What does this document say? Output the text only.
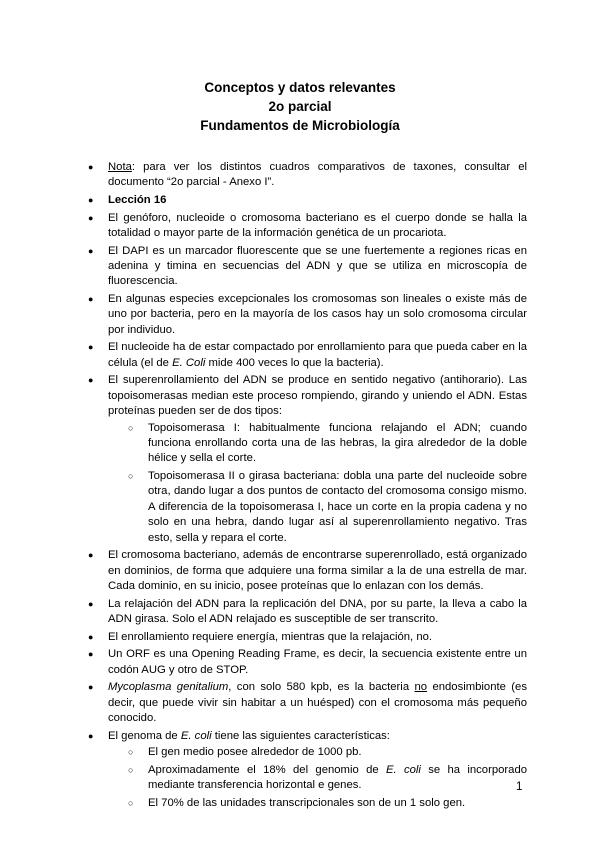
Conceptos y datos relevantes
2o parcial
Fundamentos de Microbiología
● Nota: para ver los distintos cuadros comparativos de taxones, consultar el documento “2o parcial - Anexo I”.
● Lección 16
● El genóforo, nucleoide o cromosoma bacteriano es el cuerpo donde se halla la totalidad o mayor parte de la información genética de un procariota.
● El DAPI es un marcador fluorescente que se une fuertemente a regiones ricas en adenina y timina en secuencias del ADN y que se utiliza en microscopía de fluorescencia.
● En algunas especies excepcionales los cromosomas son lineales o existe más de uno por bacteria, pero en la mayoría de los casos hay un solo cromosoma circular por individuo.
● El nucleoide ha de estar compactado por enrollamiento para que pueda caber en la célula (el de E. Coli mide 400 veces lo que la bacteria).
● El superenrollamiento del ADN se produce en sentido negativo (antihorario). Las topoisomerasas median este proceso rompiendo, girando y uniendo el ADN. Estas proteínas pueden ser de dos tipos:
○ Topoisomerasa I: habitualmente funciona relajando el ADN; cuando funciona enrollando corta una de las hebras, la gira alrededor de la doble hélice y sella el corte.
○ Topoisomerasa II o girasa bacteriana: dobla una parte del nucleoide sobre otra, dando lugar a dos puntos de contacto del cromosoma consigo mismo. A diferencia de la topoisomerasa I, hace un corte en la propia cadena y no solo en una hebra, dando lugar así al superenrollamiento negativo. Tras esto, sella y repara el corte.
● El cromosoma bacteriano, además de encontrarse superenrollado, está organizado en dominios, de forma que adquiere una forma similar a la de una estrella de mar. Cada dominio, en su inicio, posee proteínas que lo enlazan con los demás.
● La relajación del ADN para la replicación del DNA, por su parte, la lleva a cabo la ADN girasa. Solo el ADN relajado es susceptible de ser transcrito.
● El enrollamiento requiere energía, mientras que la relajación, no.
● Un ORF es una Opening Reading Frame, es decir, la secuencia existente entre un codón AUG y otro de STOP.
● Mycoplasma genitalium, con solo 580 kpb, es la bacteria no endosimbionte (es decir, que puede vivir sin habitar a un huésped) con el cromosoma más pequeño conocido.
● El genoma de E. coli tiene las siguientes características:
○ El gen medio posee alrededor de 1000 pb.
○ Aproximadamente el 18% del genomio de E. coli se ha incorporado mediante transferencia horizontal e genes.
○ El 70% de las unidades transcripcionales son de un 1 solo gen.
1
